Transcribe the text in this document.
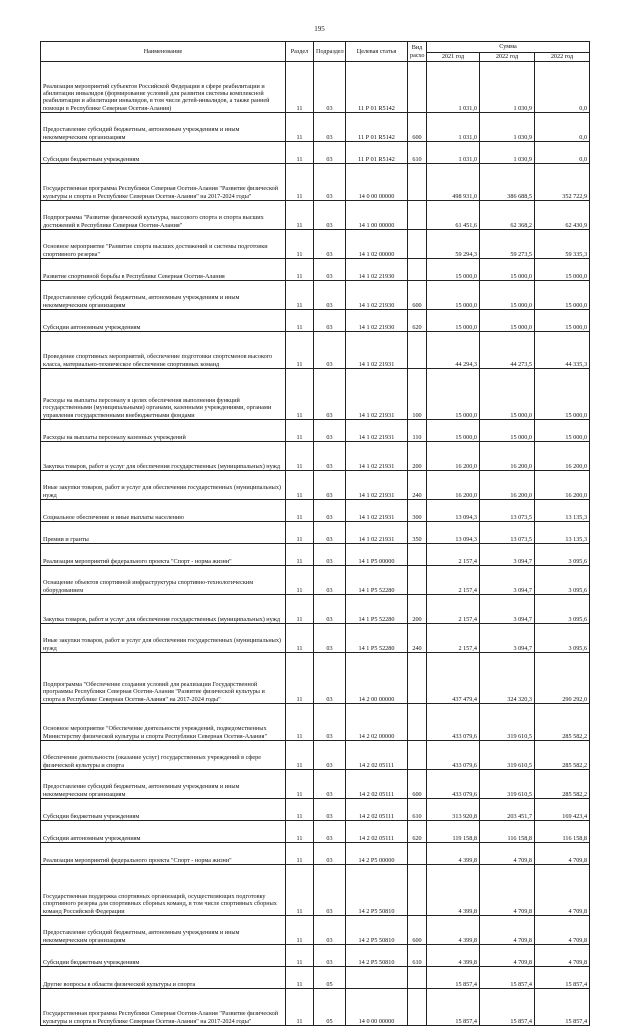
195
Наименование	Раздел	Подраздел	Целевая статья	Вид расхо	Сумма		
					2021 год	2022 год	2022 год
Реализация мероприятий субъектов Российской Федерации в сфере реабилитации и абилитации инвалидов (формирование условий для развития системы комплексной реабилитации и абилитации инвалидов, в том числе детей-инвалидов, а также ранней помощи в Республике Северная Осетия-Алания)	11	03	11 Р 01 R5142		1 031,0	1 030,9	0,0
Предоставление субсидий бюджетным, автономным учреждениям и иным некоммерческим организациям	11	03	11 Р 01 R5142	600	1 031,0	1 030,9	0,0
Субсидии бюджетным учреждениям	11	03	11 Р 01 R5142	610	1 031,0	1 030,9	0,0
Государственная программа Республики Северная Осетия-Алания "Развитие физической культуры и спорта в Республике Северная Осетия-Алания" на 2017-2024 годы"	11	03	14 0 00 00000		498 931,0	386 688,5	352 722,9
Подпрограмма "Развитие физической культуры, массового спорта и спорта высших достижений в Республике Северная Осетия-Алания"	11	03	14 1 00 00000		61 451,6	62 368,2	62 430,9
Основное мероприятие "Развитие спорта высших достижений и системы подготовки спортивного резерва"	11	03	14 1 02 00000		59 294,3	59 273,5	59 335,3
Развитие спортивной борьбы в Республике Северная Осетия-Алания	11	03	14 1 02 21930		15 000,0	15 000,0	15 000,0
Предоставление субсидий бюджетным, автономным учреждениям и иным некоммерческим организациям	11	03	14 1 02 21930	600	15 000,0	15 000,0	15 000,0
Субсидии автономным учреждениям	11	03	14 1 02 21930	620	15 000,0	15 000,0	15 000,0
Проведение спортивных мероприятий, обеспечение подготовки спортсменов высокого класса, материально-техническое обеспечение спортивных команд	11	03	14 1 02 21931		44 294,3	44 273,5	44 335,3
Расходы на выплаты персоналу в целях обеспечения выполнения функций государственными (муниципальными) органами, казенными учреждениями, органами управления государственными внебюджетными фондами	11	03	14 1 02 21931	100	15 000,0	15 000,0	15 000,0
Расходы на выплаты персоналу казенных учреждений	11	03	14 1 02 21931	110	15 000,0	15 000,0	15 000,0
Закупка товаров, работ и услуг для обеспечения государственных (муниципальных) нужд	11	03	14 1 02 21931	200	16 200,0	16 200,0	16 200,0
Иные закупки товаров, работ и услуг для обеспечения государственных (муниципальных) нужд	11	03	14 1 02 21931	240	16 200,0	16 200,0	16 200,0
Социальное обеспечение и иные выплаты населению	11	03	14 1 02 21931	300	13 094,3	13 073,5	13 135,3
Премии и гранты	11	03	14 1 02 21931	350	13 094,3	13 073,5	13 135,3
Реализация мероприятий федерального проекта "Спорт - норма жизни"	11	03	14 1 Р5 00000		2 157,4	3 094,7	3 095,6
Оснащение объектов спортивной инфраструктуры спортивно-технологическим оборудованием	11	03	14 1 Р5 52280		2 157,4	3 094,7	3 095,6
Закупка товаров, работ и услуг для обеспечения государственных (муниципальных) нужд	11	03	14 1 Р5 52280	200	2 157,4	3 094,7	3 095,6
Иные закупки товаров, работ и услуг для обеспечения государственных (муниципальных) нужд	11	03	14 1 Р5 52280	240	2 157,4	3 094,7	3 095,6
Подпрограмма "Обеспечение создания условий для реализации Государственной программы Республики Северная Осетия-Алания "Развитие физической культуры и спорта в Республике Северная Осетия-Алания" на 2017-2024 годы"	11	03	14 2 00 00000		437 479,4	324 320,3	290 292,0
Основное мероприятие "Обеспечение деятельности учреждений, подведомственных Министерству физической культуры и спорта Республики Северная Осетия-Алания"	11	03	14 2 02 00000		433 079,6	319 610,5	285 582,2
Обеспечение деятельности (оказание услуг) государственных учреждений в сфере физической культуры и спорта	11	03	14 2 02 05111		433 079,6	319 610,5	285 582,2
Предоставление субсидий бюджетным, автономным учреждениям и иным некоммерческим организациям	11	03	14 2 02 05111	600	433 079,6	319 610,5	285 582,2
Субсидии бюджетным учреждениям	11	03	14 2 02 05111	610	313 920,8	203 451,7	169 423,4
Субсидии автономным учреждениям	11	03	14 2 02 05111	620	119 158,8	116 158,8	116 158,8
Реализация мероприятий федерального проекта "Спорт - норма жизни"	11	03	14 2 Р5 00000		4 399,8	4 709,8	4 709,8
Государственная поддержка спортивных организаций, осуществляющих подготовку спортивного резерва для спортивных сборных команд, в том числе спортивных сборных команд Российской Федерации	11	03	14 2 Р5 50810		4 399,8	4 709,8	4 709,8
Предоставление субсидий бюджетным, автономным учреждениям и иным некоммерческим организациям	11	03	14 2 Р5 50810	600	4 399,8	4 709,8	4 709,8
Субсидии бюджетным учреждениям	11	03	14 2 Р5 50810	610	4 399,8	4 709,8	4 709,8
Другие вопросы в области физической культуры и спорта	11	05			15 857,4	15 857,4	15 857,4
Государственная программа Республики Северная Осетия-Алания "Развитие физической культуры и спорта в Республике Северная Осетия-Алания" на 2017-2024 годы"	11	05	14 0 00 00000		15 857,4	15 857,4	15 857,4
